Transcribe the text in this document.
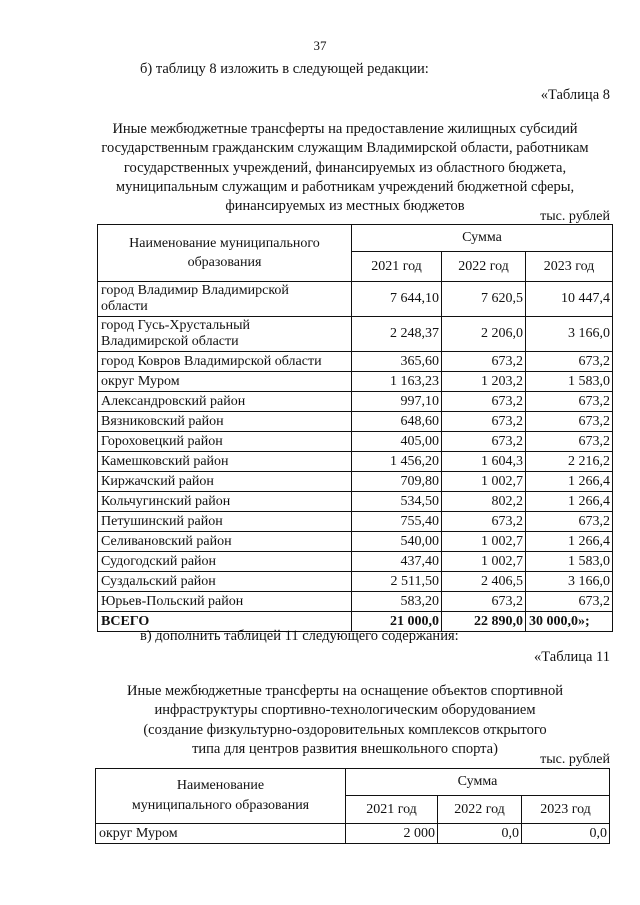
37
б) таблицу 8 изложить в следующей редакции:
«Таблица 8
Иные межбюджетные трансферты на предоставление жилищных субсидий
государственным гражданским служащим Владимирской области, работникам
государственных учреждений, финансируемых из областного бюджета,
муниципальным служащим и работникам учреждений бюджетной сферы,
финансируемых из местных бюджетов
тыс. рублей
Наименование муниципального
образования	Сумма		
	2021 год	2022 год	2023 год

город Владимир Владимирской
области	7 644,10	7 620,5	10 447,4

город Гусь-Хрустальный
Владимирской области	2 248,37	2 206,0	3 166,0
город Ковров Владимирской области	365,60	673,2	673,2
округ Муром	1 163,23	1 203,2	1 583,0
Александровский район	997,10	673,2	673,2
Вязниковский район	648,60	673,2	673,2
Гороховецкий район	405,00	673,2	673,2
Камешковский район	1 456,20	1 604,3	2 216,2
Киржачский район	709,80	1 002,7	1 266,4
Кольчугинский район	534,50	802,2	1 266,4
Петушинский район	755,40	673,2	673,2
Селивановский район	540,00	1 002,7	1 266,4
Судогодский район	437,40	1 002,7	1 583,0
Суздальский район	2 511,50	2 406,5	3 166,0
Юрьев-Польский район	583,20	673,2	673,2
ВСЕГО	21 000,0	22 890,0	30 000,0»;
в) дополнить таблицей 11 следующего содержания:
«Таблица 11
Иные межбюджетные трансферты на оснащение объектов спортивной
инфраструктуры спортивно-технологическим оборудованием
(создание физкультурно-оздоровительных комплексов открытого
типа для центров развития внешкольного спорта)
тыс. рублей
Наименование
муниципального образования	Сумма		
	2021 год	2022 год	2023 год
округ Муром	2 000	0,0	0,0
